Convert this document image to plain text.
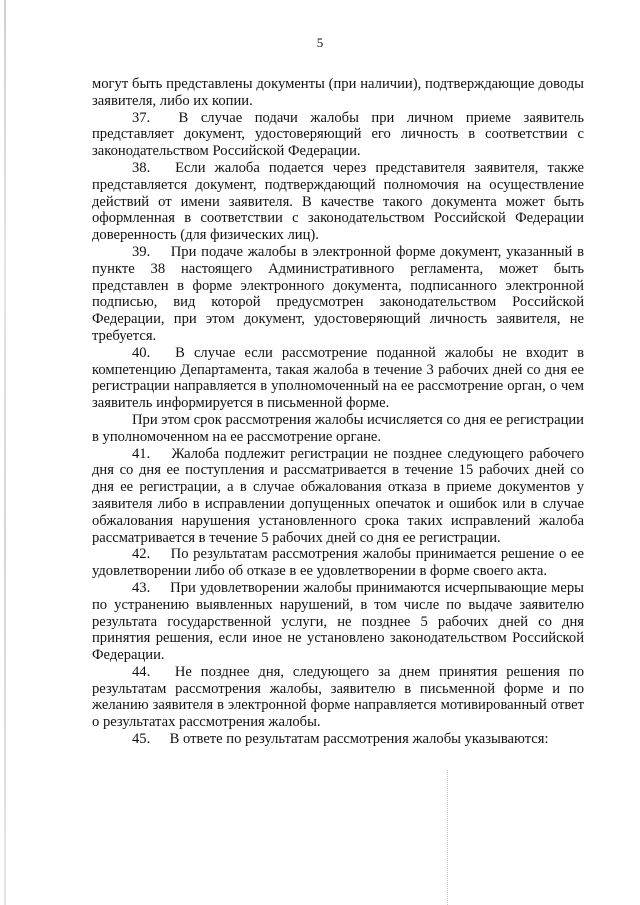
5

могут быть представлены документы (при наличии), подтверждающие доводы заявителя, либо их копии.

37. В случае подачи жалобы при личном приеме заявитель представляет документ, удостоверяющий его личность в соответствии с законодательством Российской Федерации.

38. Если жалоба подается через представителя заявителя, также представляется документ, подтверждающий полномочия на осуществление действий от имени заявителя. В качестве такого документа может быть оформленная в соответствии с законодательством Российской Федерации доверенность (для физических лиц).

39. При подаче жалобы в электронной форме документ, указанный в пункте 38 настоящего Административного регламента, может быть представлен в форме электронного документа, подписанного электронной подписью, вид которой предусмотрен законодательством Российской Федерации, при этом документ, удостоверяющий личность заявителя, не требуется.

40. В случае если рассмотрение поданной жалобы не входит в компетенцию Департамента, такая жалоба в течение 3 рабочих дней со дня ее регистрации направляется в уполномоченный на ее рассмотрение орган, о чем заявитель информируется в письменной форме.

При этом срок рассмотрения жалобы исчисляется со дня ее регистрации в уполномоченном на ее рассмотрение органе.

41. Жалоба подлежит регистрации не позднее следующего рабочего дня со дня ее поступления и рассматривается в течение 15 рабочих дней со дня ее регистрации, а в случае обжалования отказа в приеме документов у заявителя либо в исправлении допущенных опечаток и ошибок или в случае обжалования нарушения установленного срока таких исправлений жалоба рассматривается в течение 5 рабочих дней со дня ее регистрации.

42. По результатам рассмотрения жалобы принимается решение о ее удовлетворении либо об отказе в ее удовлетворении в форме своего акта.

43. При удовлетворении жалобы принимаются исчерпывающие меры по устранению выявленных нарушений, в том числе по выдаче заявителю результата государственной услуги, не позднее 5 рабочих дней со дня принятия решения, если иное не установлено законодательством Российской Федерации.

44. Не позднее дня, следующего за днем принятия решения по результатам рассмотрения жалобы, заявителю в письменной форме и по желанию заявителя в электронной форме направляется мотивированный ответ о результатах рассмотрения жалобы.

45. В ответе по результатам рассмотрения жалобы указываются:
